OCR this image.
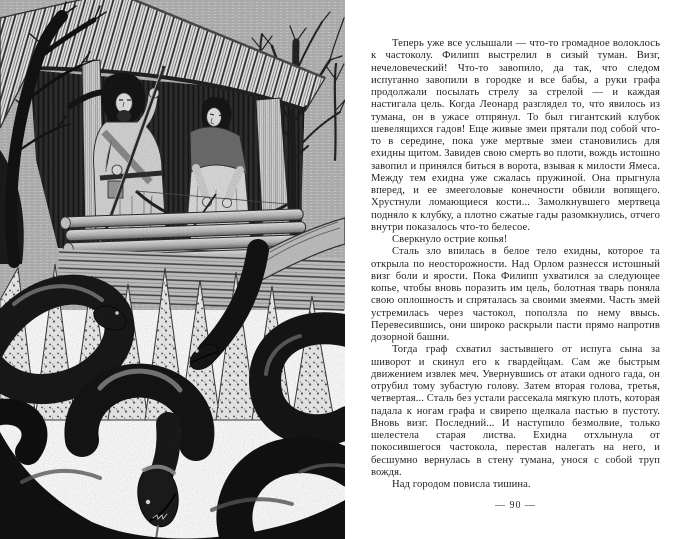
Теперь уже все услышали — что-то громадное волоклось к частоколу. Филипп выстрелил в сизый туман. Визг, нечеловеческий! Что-то завопило, да так, что следом испуганно завопили в городке и все бабы, а руки графа продолжали посылать стрелу за стрелой — и каждая настигала цель. Когда Леонард разглядел то, что явилось из тумана, он в ужасе отпрянул. То был гигантский клубок шевелящихся гадов! Еще живые змеи прятали под собой что-то в середине, пока уже мертвые змеи становились для ехидны щитом. Завидев свою смерть во плоти, вождь истошно завопил и принялся биться в ворота, взывая к милости Ямеса. Между тем ехидна уже сжалась пружиной. Она прыгнула вперед, и ее змееголовые конечности обвили вопящего. Хрустнули ломающиеся кости... Замолкнувшего мертвеца подняло к клубку, а плотно сжатые гады разомкнулись, отчего внутри показалось что-то белесое.

Сверкнуло острие копья!

Сталь зло впилась в белое тело ехидны, которое та открыла по неосторожности. Над Орлом разнесся истошный визг боли и ярости. Пока Филипп ухватился за следующее копье, чтобы вновь поразить им цель, болотная тварь поняла свою оплошность и спряталась за своими змеями. Часть змей устремилась через частокол, поползла по нему ввысь. Перевесившись, они широко раскрыли пасти прямо напротив дозорной башни.

Тогда граф схватил застывшего от испуга сына за шиворот и скинул его к гвардейцам. Сам же быстрым движением извлек меч. Увернувшись от атаки одного гада, он отрубил тому зубастую голову. Затем вторая голова, третья, четвертая... Сталь без устали рассекала мягкую плоть, которая падала к ногам графа и свирепо щелкала пастью в пустоту. Вновь визг. Последний... И наступило безмолвие, только шелестела старая листва. Ехидна отхлынула от покосившегося частокола, перестав налегать на него, и бесшумно вернулась в стену тумана, унося с собой труп вождя.

Над городом повисла тишина.

— 90 —
